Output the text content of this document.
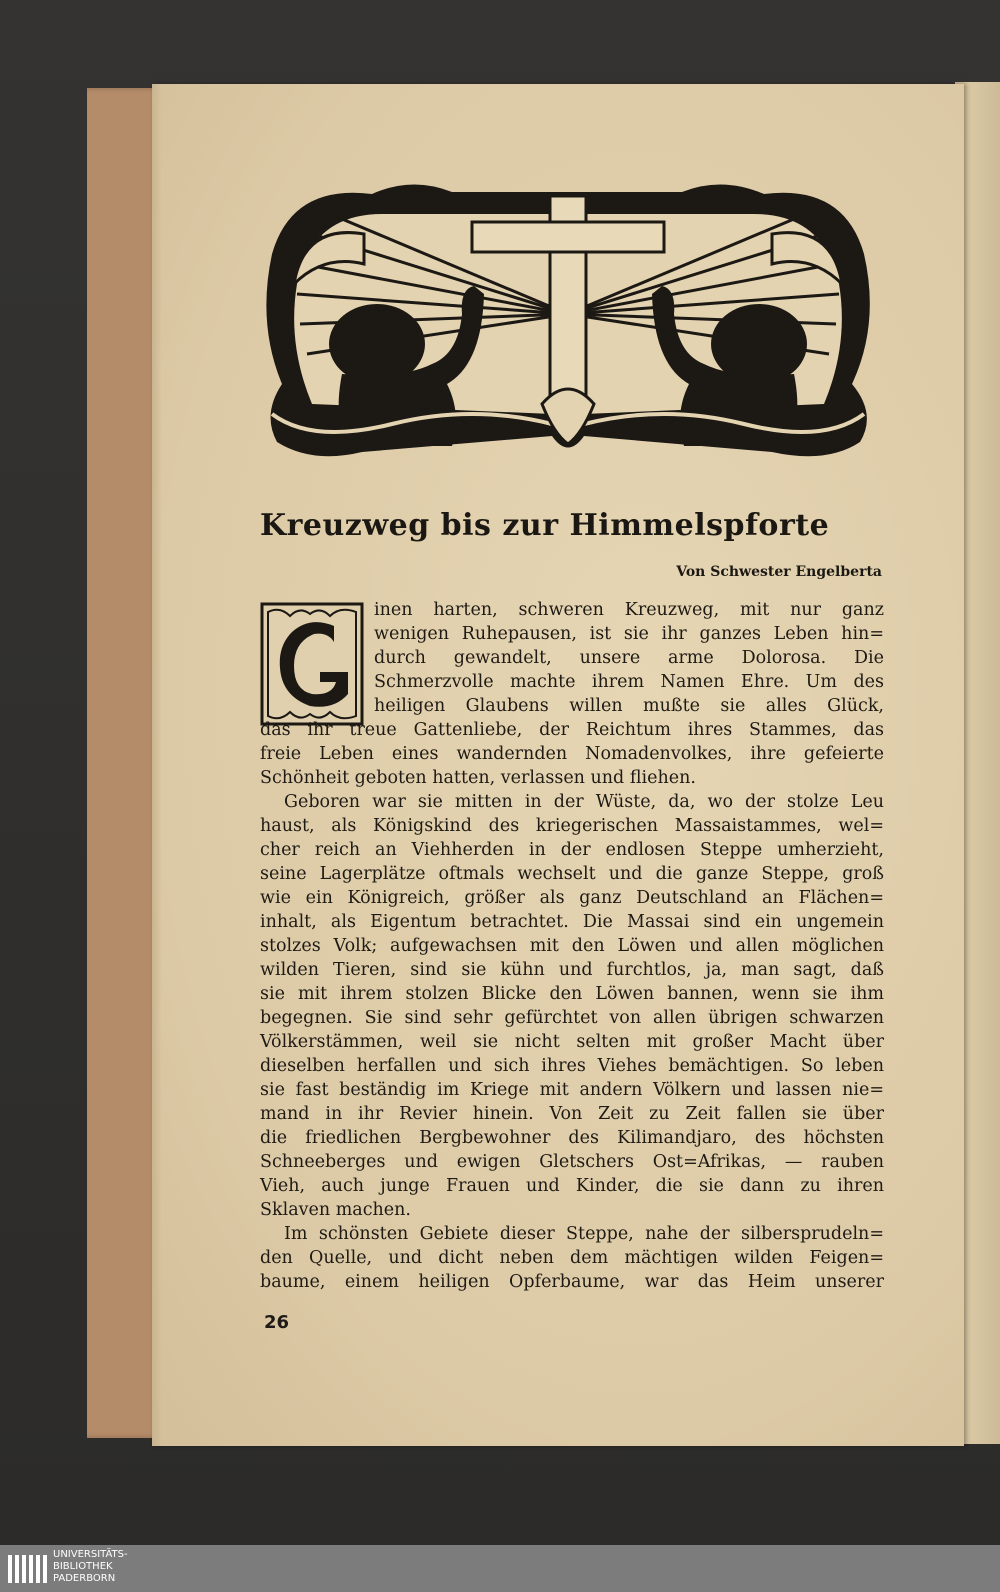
Kreuzweg bis zur Himmelspforte
Von Schwester Engelberta

inen harten, schweren Kreuzweg, mit nur ganz

wenigen Ruhepausen, ist sie ihr ganzes Leben hin=

durch gewandelt, unsere arme Dolorosa. Die

Schmerzvolle machte ihrem Namen Ehre. Um des

heiligen Glaubens willen mußte sie alles Glück,

das ihr treue Gattenliebe, der Reichtum ihres Stammes, das

freie Leben eines wandernden Nomadenvolkes, ihre gefeierte

Schönheit geboten hatten, verlassen und fliehen.

Geboren war sie mitten in der Wüste, da, wo der stolze Leu

haust, als Königskind des kriegerischen Massaistammes, wel=

cher reich an Viehherden in der endlosen Steppe umherzieht,

seine Lagerplätze oftmals wechselt und die ganze Steppe, groß

wie ein Königreich, größer als ganz Deutschland an Flächen=

inhalt, als Eigentum betrachtet. Die Massai sind ein ungemein

stolzes Volk; aufgewachsen mit den Löwen und allen möglichen

wilden Tieren, sind sie kühn und furchtlos, ja, man sagt, daß

sie mit ihrem stolzen Blicke den Löwen bannen, wenn sie ihm

begegnen. Sie sind sehr gefürchtet von allen übrigen schwarzen

Völkerstämmen, weil sie nicht selten mit großer Macht über

dieselben herfallen und sich ihres Viehes bemächtigen. So leben

sie fast beständig im Kriege mit andern Völkern und lassen nie=

mand in ihr Revier hinein. Von Zeit zu Zeit fallen sie über

die friedlichen Bergbewohner des Kilimandjaro, des höchsten

Schneeberges und ewigen Gletschers Ost=Afrikas, — rauben

Vieh, auch junge Frauen und Kinder, die sie dann zu ihren

Sklaven machen.

Im schönsten Gebiete dieser Steppe, nahe der silbersprudeln=

den Quelle, und dicht neben dem mächtigen wilden Feigen=

baume, einem heiligen Opferbaume, war das Heim unserer

26

UNIVERSITÄTS-
BIBLIOTHEK
PADERBORN
